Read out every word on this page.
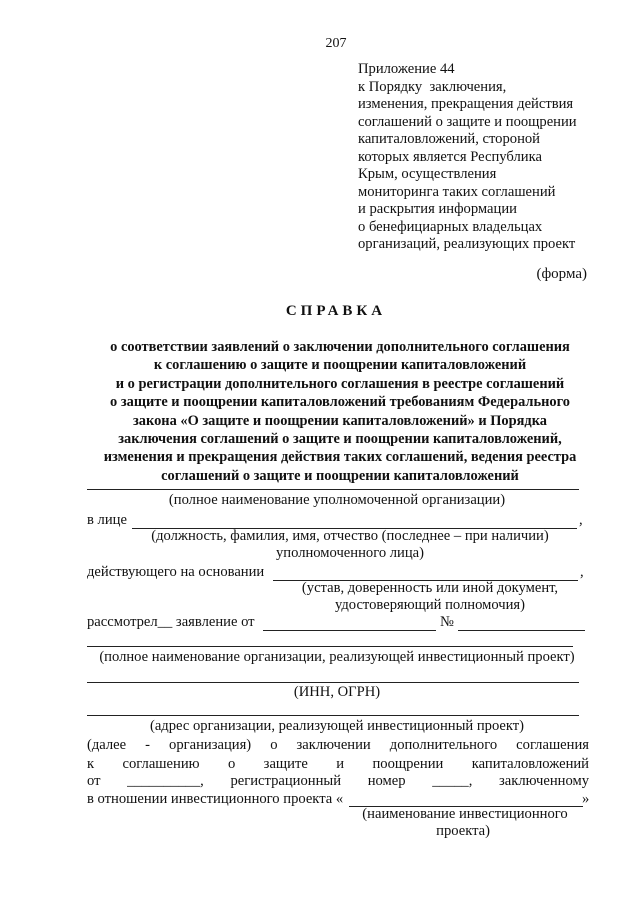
207
Приложение 44
к Порядку  заключения,
изменения, прекращения действия
соглашений о защите и поощрении
капиталовложений, стороной
которых является Республика
Крым, осуществления
мониторинга таких соглашений
и раскрытия информации
о бенефициарных владельцах
организаций, реализующих проект
(форма)
СПРАВКА
о соответствии заявлений о заключении дополнительного соглашения
к соглашению о защите и поощрении капиталовложений
и о регистрации дополнительного соглашения в реестре соглашений
о защите и поощрении капиталовложений требованиям Федерального
закона «О защите и поощрении капиталовложений» и Порядка
заключения соглашений о защите и поощрении капиталовложений,
изменения и прекращения действия таких соглашений, ведения реестра
соглашений о защите и поощрении капиталовложений
(полное наименование уполномоченной организации)
в лице	,
(должность, фамилия, имя, отчество (последнее – при наличии)
уполномоченного лица)
действующего на основании	,
(устав, доверенность или иной документ,
удостоверяющий полномочия)
рассмотрел__ заявление от	№
(полное наименование организации, реализующей инвестиционный проект)
(ИНН, ОГРН)
(адрес организации, реализующей инвестиционный проект)
(далее - организация) о заключении дополнительного соглашения
к соглашению о защите и поощрении капиталовложений
от __________, регистрационный номер _____, заключенному
в отношении инвестиционного проекта «	»
(наименование инвестиционного
проекта)
